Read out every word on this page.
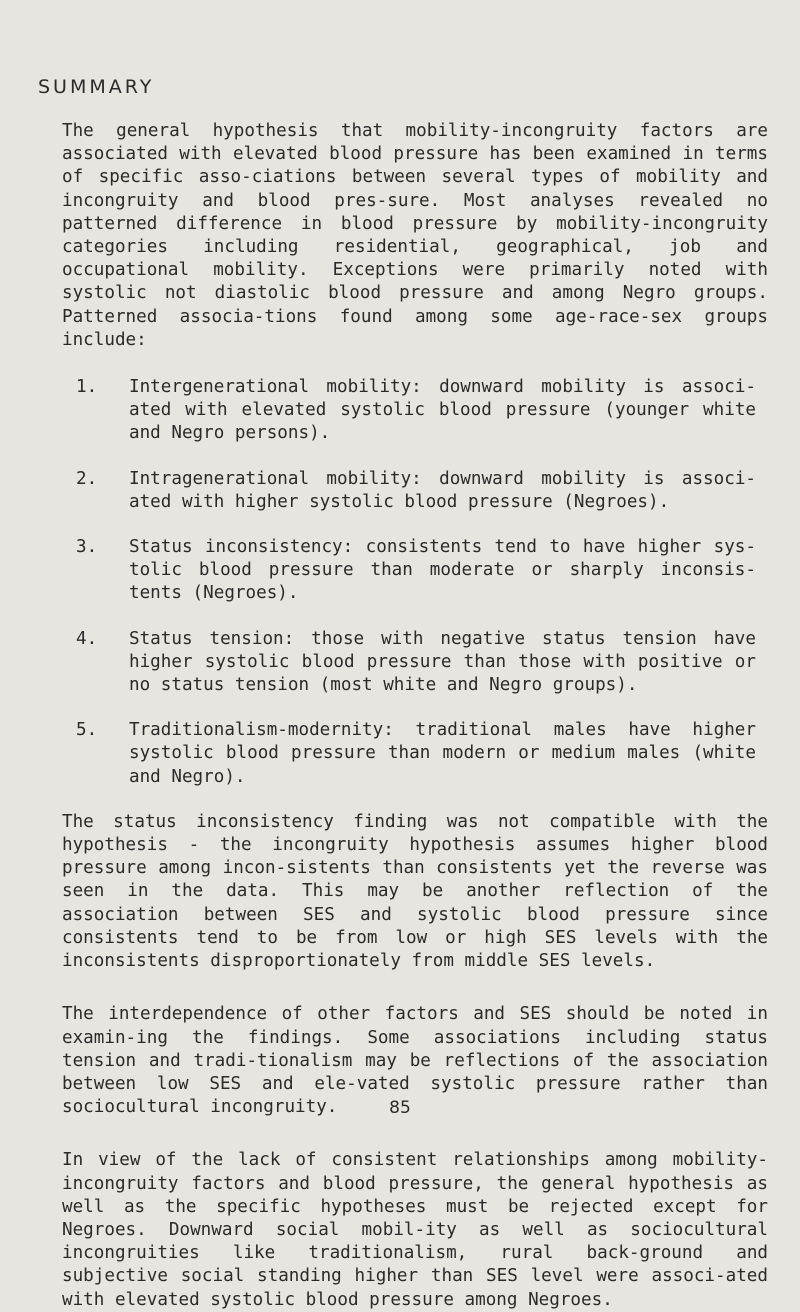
SUMMARY

The general hypothesis that mobility-incongruity factors are associated with elevated blood pressure has been examined in terms of specific asso-ciations between several types of mobility and incongruity and blood pres-sure. Most analyses revealed no patterned difference in blood pressure by mobility-incongruity categories including residential, geographical, job and occupational mobility. Exceptions were primarily noted with systolic not diastolic blood pressure and among Negro groups. Patterned associa-tions found among some age-race-sex groups include:

1.	Intergenerational mobility: downward mobility is associ-ated with elevated systolic blood pressure (younger white and Negro persons).
2.	Intragenerational mobility: downward mobility is associ-ated with higher systolic blood pressure (Negroes).
3.	Status inconsistency: consistents tend to have higher sys-tolic blood pressure than moderate or sharply inconsis-tents (Negroes).
4.	Status tension: those with negative status tension have higher systolic blood pressure than those with positive or no status tension (most white and Negro groups).
5.	Traditionalism-modernity: traditional males have higher systolic blood pressure than modern or medium males (white and Negro).

The status inconsistency finding was not compatible with the hypothesis - the incongruity hypothesis assumes higher blood pressure among incon-sistents than consistents yet the reverse was seen in the data. This may be another reflection of the association between SES and systolic blood pressure since consistents tend to be from low or high SES levels with the inconsistents disproportionately from middle SES levels.

The interdependence of other factors and SES should be noted in examin-ing the findings. Some associations including status tension and tradi-tionalism may be reflections of the association between low SES and ele-vated systolic pressure rather than sociocultural incongruity.

In view of the lack of consistent relationships among mobility-incongruity factors and blood pressure, the general hypothesis as well as the specific hypotheses must be rejected except for Negroes. Downward social mobil-ity as well as sociocultural incongruities like traditionalism, rural back-ground and subjective social standing higher than SES level were associ-ated with elevated systolic blood pressure among Negroes.

85
